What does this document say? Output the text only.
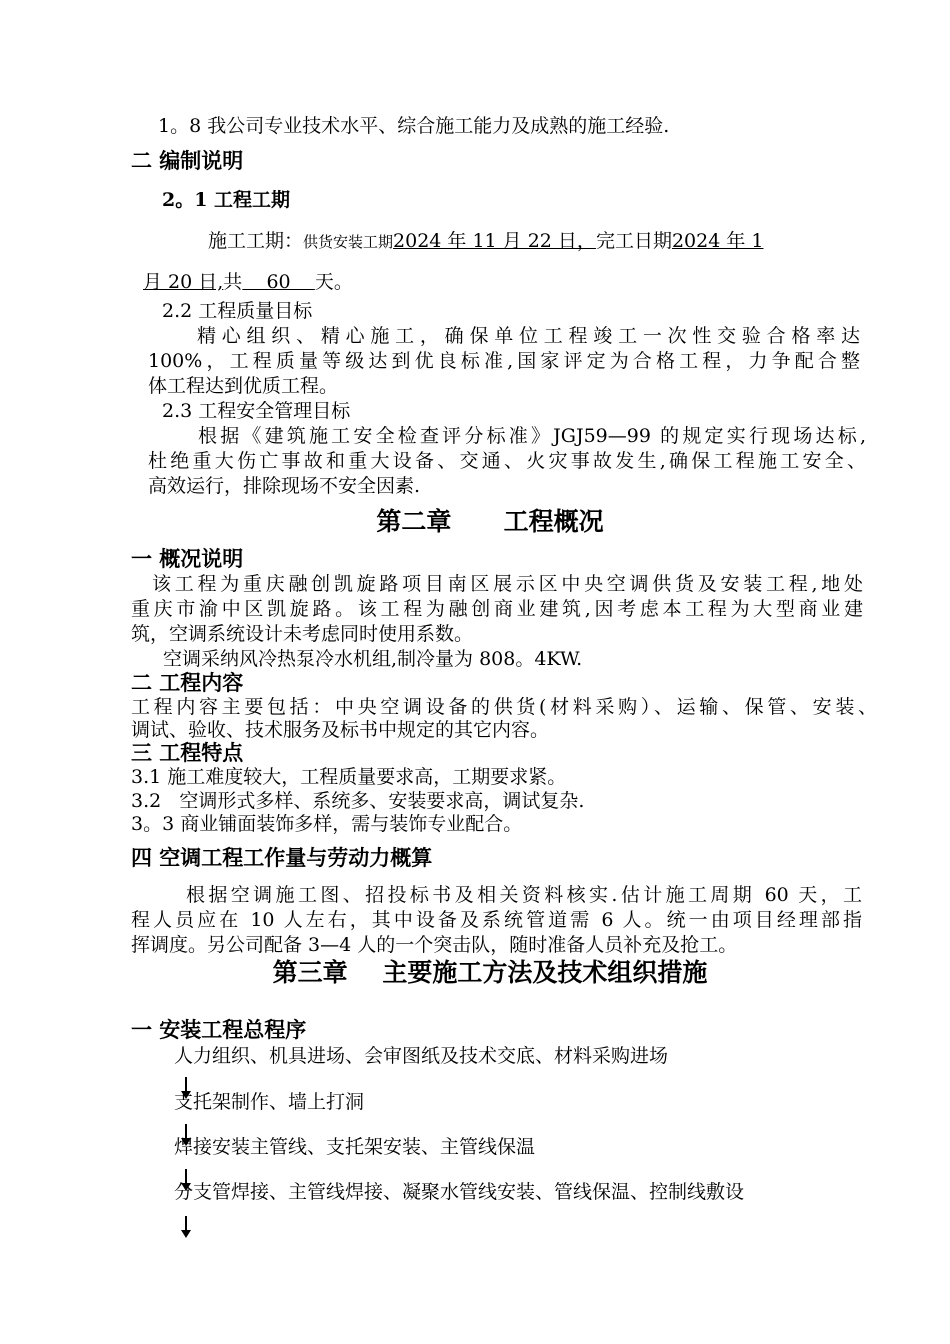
1。8 我公司专业技术水平、综合施工能力及成熟的施工经验.
二 编制说明
2。1 工程工期
施工工期：供货安装工期2024 年 11 月 22 日，完工日期2024 年 1
月 20 日,共    60    天。
2.2 工程质量目标
精心组织、精心施工，确保单位工程竣工一次性交验合格率达
100%，工程质量等级达到优良标准,国家评定为合格工程，力争配合整
体工程达到优质工程。
2.3 工程安全管理目标
根据《建筑施工安全检查评分标准》JGJ59—99 的规定实行现场达标,
杜绝重大伤亡事故和重大设备、交通、火灾事故发生,确保工程施工安全、
高效运行，排除现场不安全因素.
第二章      工程概况
一 概况说明
该工程为重庆融创凯旋路项目南区展示区中央空调供货及安装工程,地处
重庆市渝中区凯旋路。该工程为融创商业建筑,因考虑本工程为大型商业建
筑，空调系统设计未考虑同时使用系数。
空调采纳风冷热泵冷水机组,制冷量为 808。4KW.
二 工程内容
工程内容主要包括：中央空调设备的供货(材料采购）、运输、保管、安装、
调试、验收、技术服务及标书中规定的其它内容。
三 工程特点
3.1 施工难度较大，工程质量要求高，工期要求紧。
3.2   空调形式多样、系统多、安装要求高，调试复杂.
3。3 商业铺面装饰多样，需与装饰专业配合。
四 空调工程工作量与劳动力概算
根据空调施工图、招投标书及相关资料核实.估计施工周期 60 天，工
程人员应在 10 人左右，其中设备及系统管道需 6 人。统一由项目经理部指
挥调度。另公司配备 3—4 人的一个突击队，随时准备人员补充及抢工。
第三章    主要施工方法及技术组织措施
一 安装工程总程序
人力组织、机具进场、会审图纸及技术交底、材料采购进场
支托架制作、墙上打洞
焊接安装主管线、支托架安装、主管线保温
分支管焊接、主管线焊接、凝聚水管线安装、管线保温、控制线敷设
